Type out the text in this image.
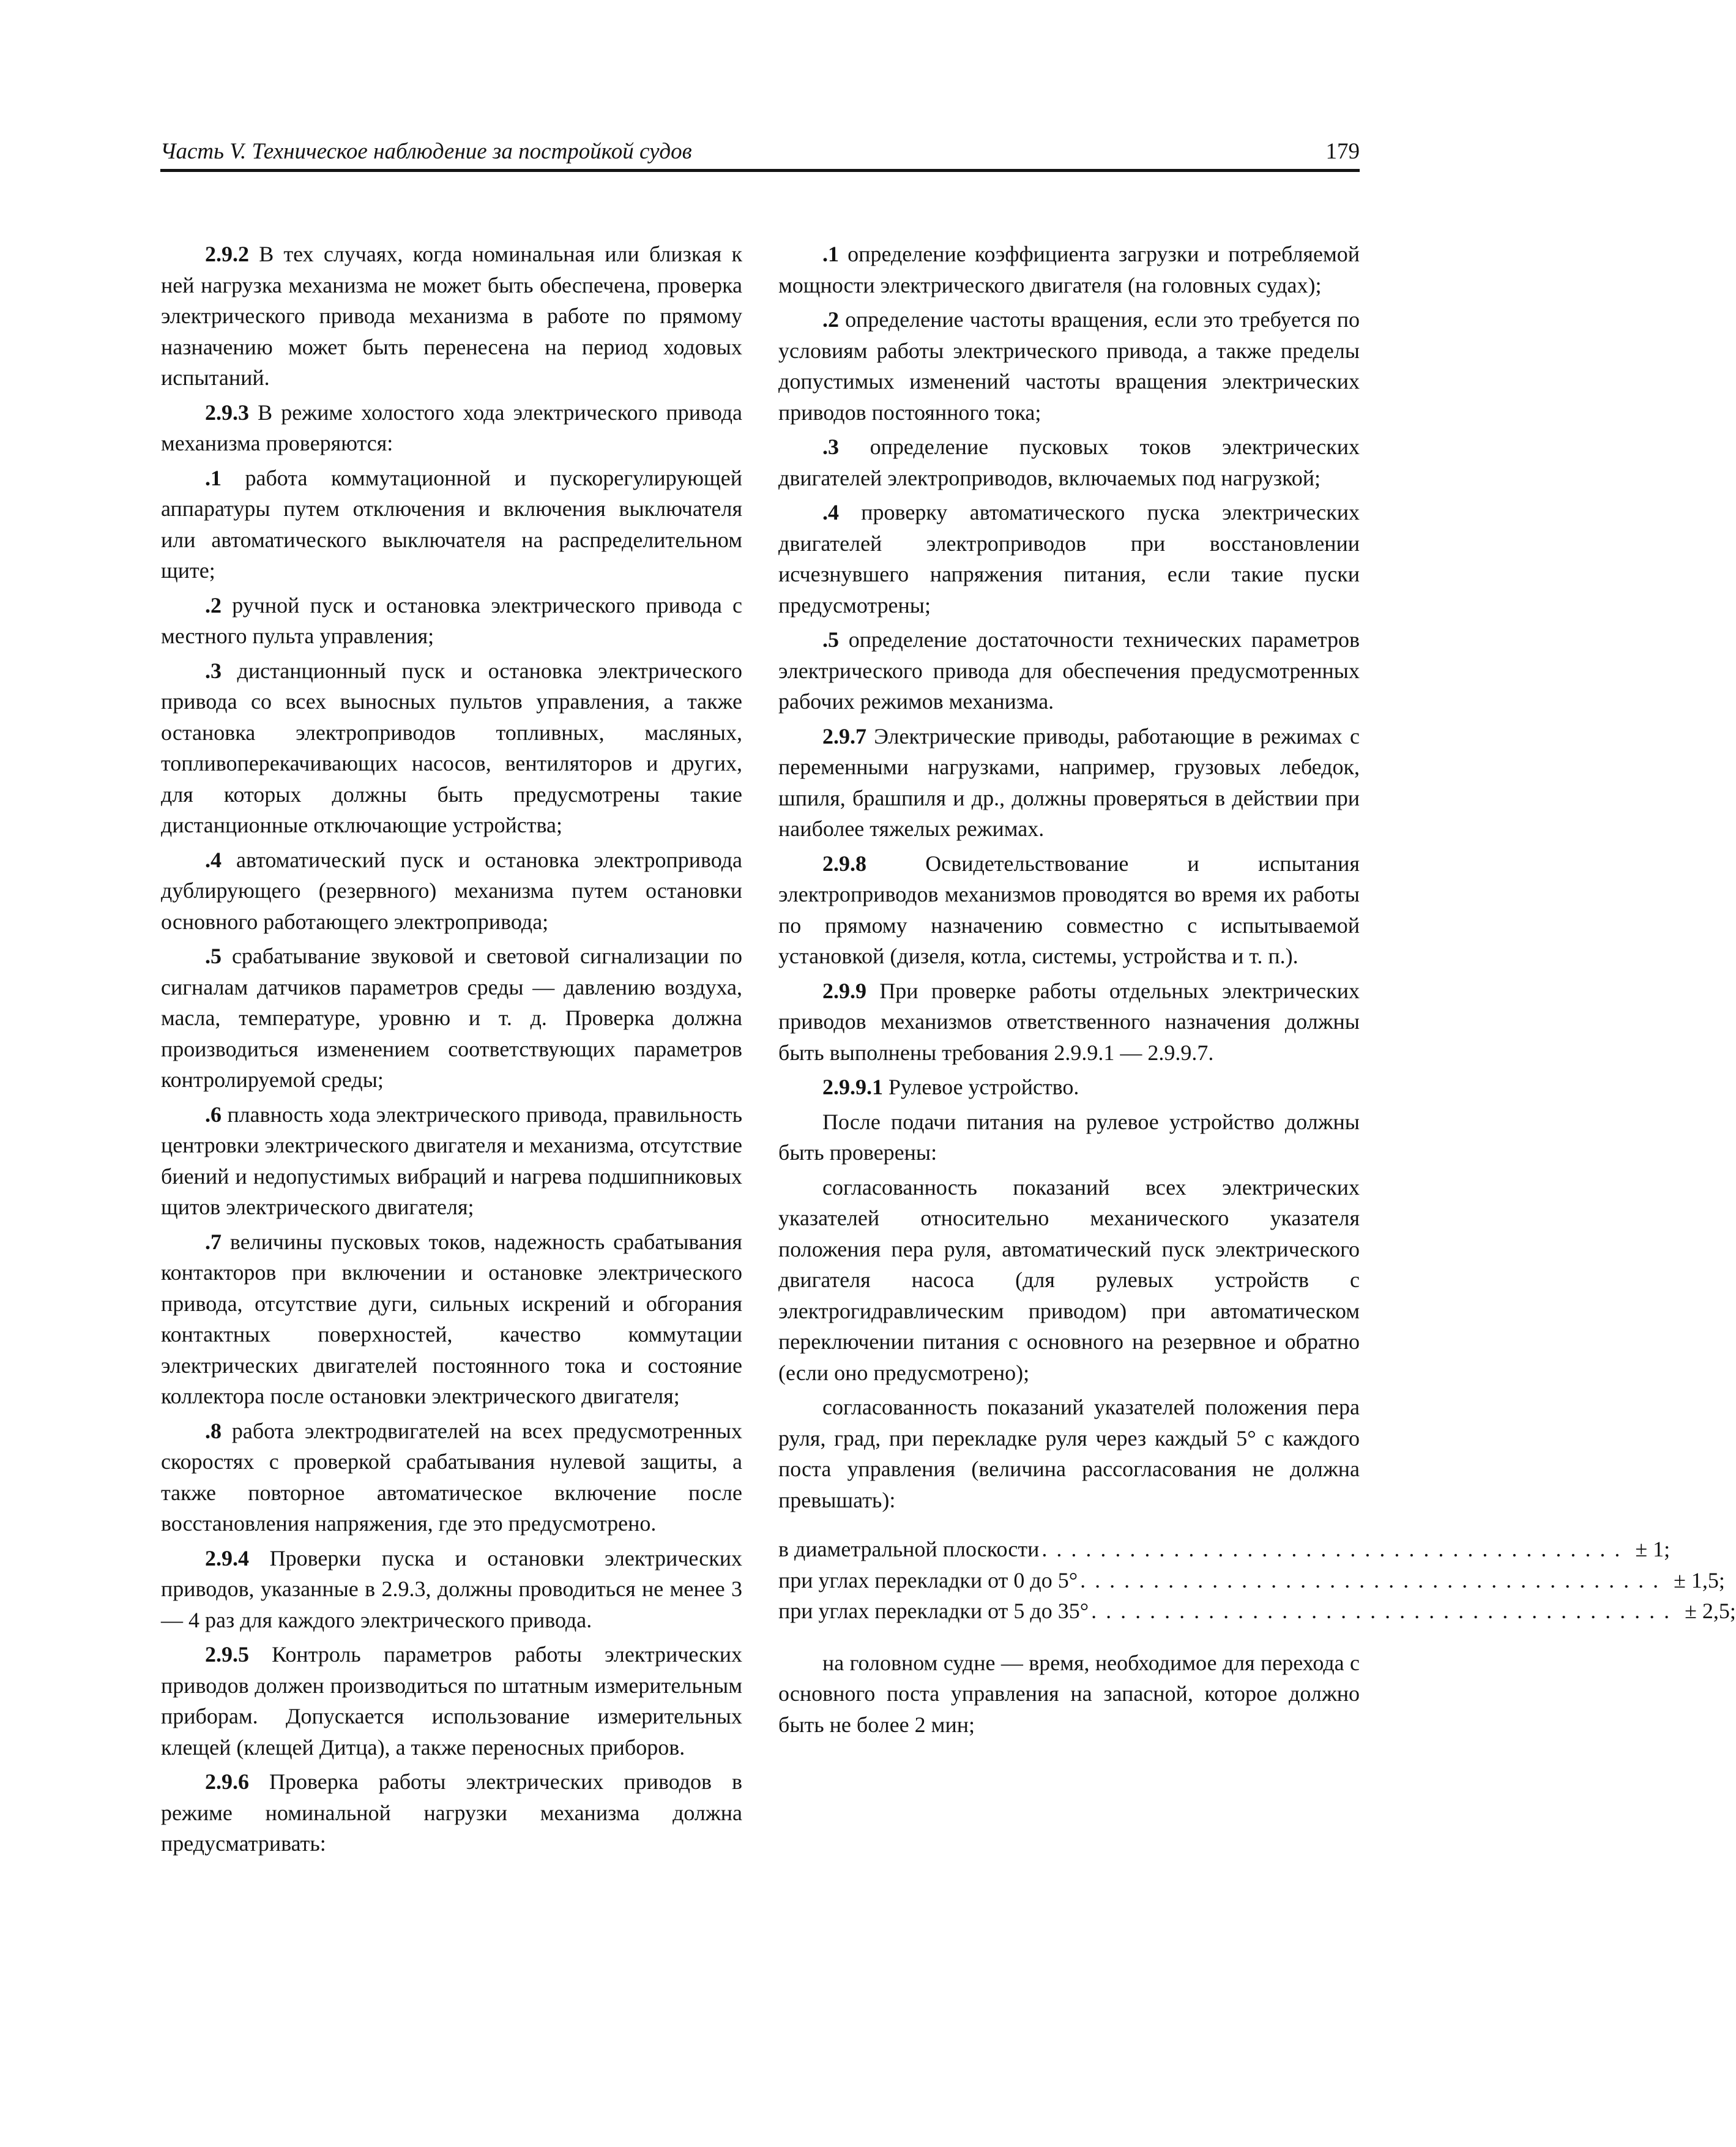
Часть V. Техническое наблюдение за постройкой судов	179

2.9.2 В тех случаях, когда номинальная или близкая к ней нагрузка механизма не может быть обеспечена, проверка электрического привода механизма в работе по прямому назначению может быть перенесена на период ходовых испытаний.

2.9.3 В режиме холостого хода электрического привода механизма проверяются:

.1 работа коммутационной и пускорегулирующей аппаратуры путем отключения и включения выключателя или автоматического выключателя на распределительном щите;

.2 ручной пуск и остановка электрического привода с местного пульта управления;

.3 дистанционный пуск и остановка электрического привода со всех выносных пультов управления, а также остановка электроприводов топливных, масляных, топливоперекачивающих насосов, вентиляторов и других, для которых должны быть предусмотрены такие дистанционные отключающие устройства;

.4 автоматический пуск и остановка электропривода дублирующего (резервного) механизма путем остановки основного работающего электропривода;

.5 срабатывание звуковой и световой сигнализации по сигналам датчиков параметров среды — давлению воздуха, масла, температуре, уровню и т. д. Проверка должна производиться изменением соответствующих параметров контролируемой среды;

.6 плавность хода электрического привода, правильность центровки электрического двигателя и механизма, отсутствие биений и недопустимых вибраций и нагрева подшипниковых щитов электрического двигателя;

.7 величины пусковых токов, надежность срабатывания контакторов при включении и остановке электрического привода, отсутствие дуги, сильных искрений и обгорания контактных поверхностей, качество коммутации электрических двигателей постоянного тока и состояние коллектора после остановки электрического двигателя;

.8 работа электродвигателей на всех предусмотренных скоростях с проверкой срабатывания нулевой защиты, а также повторное автоматическое включение после восстановления напряжения, где это предусмотрено.

2.9.4 Проверки пуска и остановки электрических приводов, указанные в 2.9.3, должны проводиться не менее 3 — 4 раз для каждого электрического привода.

2.9.5 Контроль параметров работы электрических приводов должен производиться по штатным измерительным приборам. Допускается использование измерительных клещей (клещей Дитца), а также переносных приборов.

2.9.6 Проверка работы электрических приводов в режиме номинальной нагрузки механизма должна предусматривать:

.1 определение коэффициента загрузки и потребляемой мощности электрического двигателя (на головных судах);

.2 определение частоты вращения, если это требуется по условиям работы электрического привода, а также пределы допустимых изменений частоты вращения электрических приводов постоянного тока;

.3 определение пусковых токов электрических двигателей электроприводов, включаемых под нагрузкой;

.4 проверку автоматического пуска электрических двигателей электроприводов при восстановлении исчезнувшего напряжения питания, если такие пуски предусмотрены;

.5 определение достаточности технических параметров электрического привода для обеспечения предусмотренных рабочих режимов механизма.

2.9.7 Электрические приводы, работающие в режимах с переменными нагрузками, например, грузовых лебедок, шпиля, брашпиля и др., должны проверяться в действии при наиболее тяжелых режимах.

2.9.8 Освидетельствование и испытания электроприводов механизмов проводятся во время их работы по прямому назначению совместно с испытываемой установкой (дизеля, котла, системы, устройства и т. п.).

2.9.9 При проверке работы отдельных электрических приводов механизмов ответственного назначения должны быть выполнены требования 2.9.9.1 — 2.9.9.7.

2.9.9.1 Рулевое устройство.

После подачи питания на рулевое устройство должны быть проверены:

согласованность показаний всех электрических указателей относительно механического указателя положения пера руля, автоматический пуск электрического двигателя насоса (для рулевых устройств с электрогидравлическим приводом) при автоматическом переключении питания с основного на резервное и обратно (если оно предусмотрено);

согласованность показаний указателей положения пера руля, град, при перекладке руля через каждый 5° с каждого поста управления (величина рассогласования не должна превышать):

в диаметральной плоскости ........................................ ± 1;
при углах перекладки от 0 до 5° ........................................ ± 1,5;
при углах перекладки от 5 до 35° ........................................ ± 2,5;

на головном судне — время, необходимое для перехода с основного поста управления на запасной, которое должно быть не более 2 мин;
